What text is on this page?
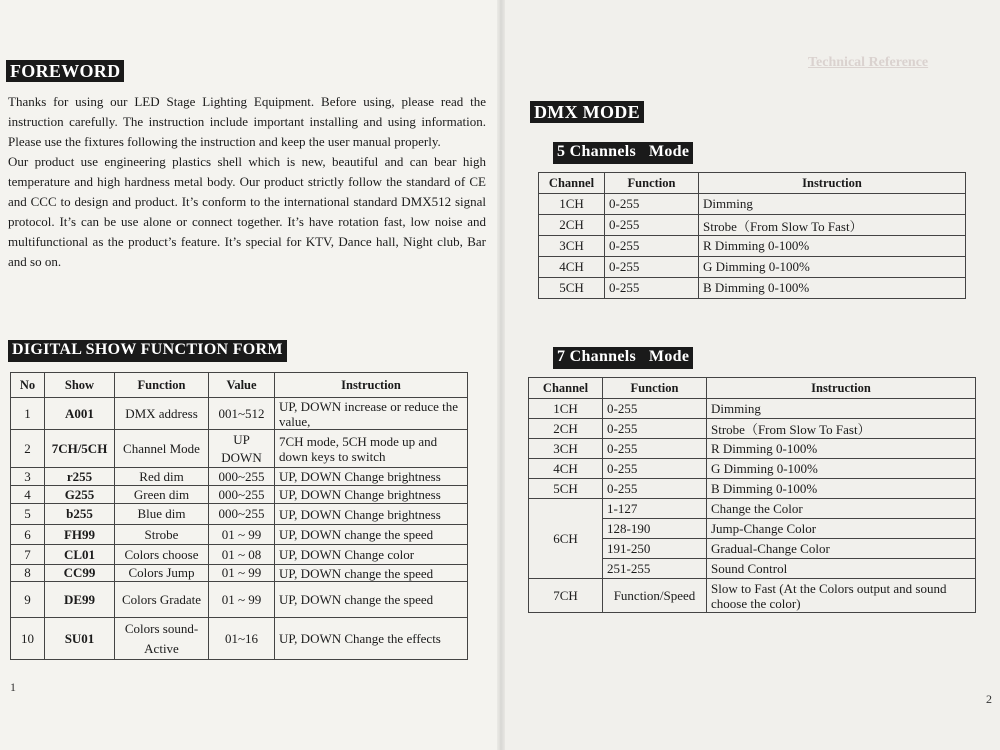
Technical Reference
FOREWORD

Thanks for using our LED Stage Lighting Equipment. Before using, please read the instruction carefully. The instruction include important installing and using information. Please use the fixtures following the instruction and keep the user manual properly.

Our product use engineering plastics shell which is new, beautiful and can bear high temperature and high hardness metal body. Our product strictly follow the standard of CE and CCC to design and product. It’s conform to the international standard DMX512 signal protocol. It’s can be use alone or connect together. It’s have rotation fast, low noise and multifunctional as the product’s feature. It’s special for KTV, Dance hall, Night club, Bar and so on.

DIGITAL SHOW FUNCTION FORM
No	Show	Function	Value	Instruction
1	A001	DMX address	001~512	UP, DOWN increase or reduce the value,
2	7CH/5CH	Channel Mode	UP DOWN	7CH mode, 5CH mode up and down keys to switch
3	r255	Red dim	000~255	UP, DOWN Change brightness
4	G255	Green dim	000~255	UP, DOWN Change brightness
5	b255	Blue dim	000~255	UP, DOWN Change brightness
6	FH99	Strobe	01 ~ 99	UP, DOWN change the speed
7	CL01	Colors choose	01 ~ 08	UP, DOWN Change color
8	CC99	Colors Jump	01 ~ 99	UP, DOWN change the speed
9	DE99	Colors Gradate	01 ~ 99	UP, DOWN change the speed
10	SU01	Colors sound-Active	01~16	UP, DOWN Change the effects
DMX MODE
5 Channels   Mode
Channel	Function	Instruction
1CH	0-255	Dimming
2CH	0-255	Strobe（From Slow To Fast）
3CH	0-255	R Dimming 0-100%
4CH	0-255	G Dimming 0-100%
5CH	0-255	B Dimming 0-100%
7 Channels   Mode
Channel	Function	Instruction
1CH	0-255	Dimming
2CH	0-255	Strobe（From Slow To Fast）
3CH	0-255	R Dimming 0-100%
4CH	0-255	G Dimming 0-100%
5CH	0-255	B Dimming 0-100%
6CH	1-127	Change the Color
	128-190	Jump-Change Color
	191-250	Gradual-Change Color
	251-255	Sound Control
7CH	Function/Speed	Slow to Fast (At the Colors output and sound choose the color)
1
2
